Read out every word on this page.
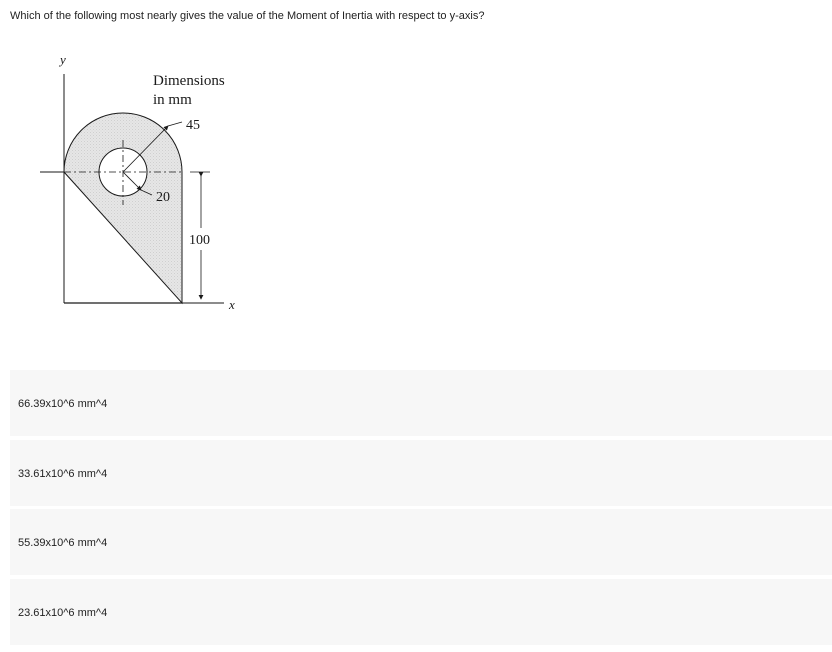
Which of the following most nearly gives the value of the Moment of Inertia with respect to y-axis?
y
x
Dimensions
in mm
45
20
100
66.39x10^6 mm^4
33.61x10^6 mm^4
55.39x10^6 mm^4
23.61x10^6 mm^4
